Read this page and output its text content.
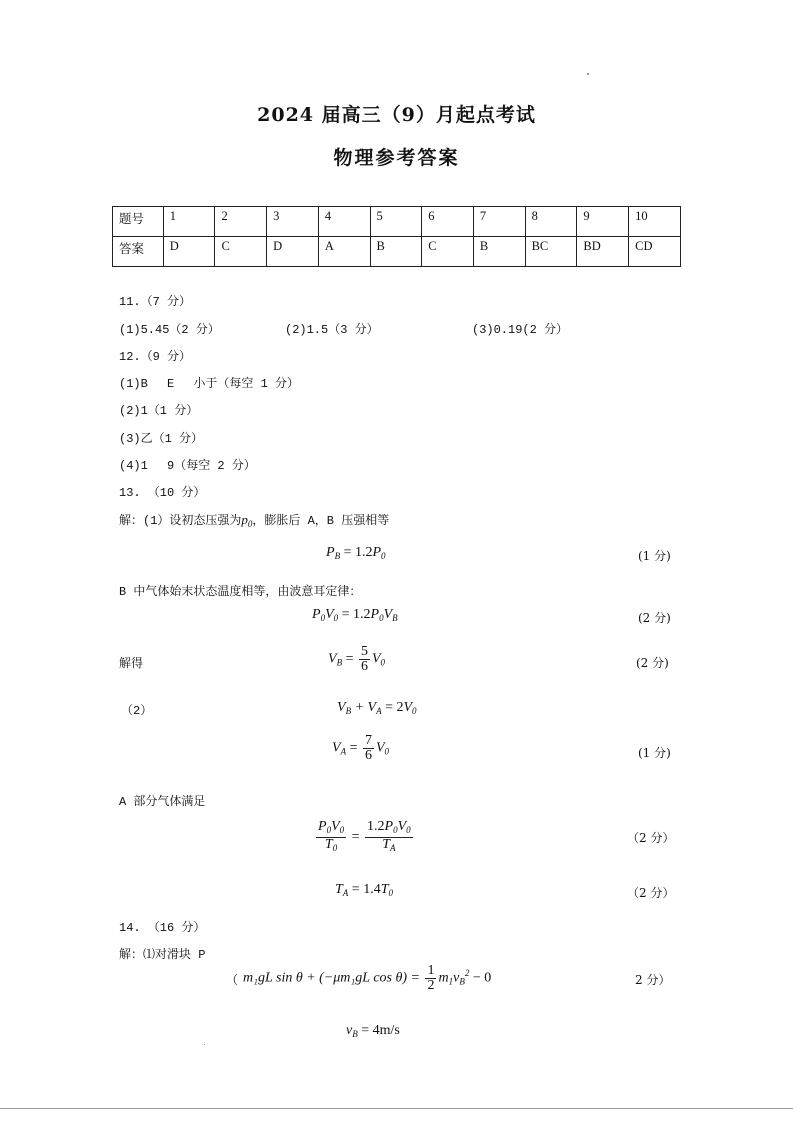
2024 届高三（9）月起点考试
物理参考答案
题号	1	2	3	4	5	6	7	8	9	10
答案	D	C	D	A	B	C	B	BC	BD	CD
11.（7 分）
(1)5.45（2 分）	(2)1.5（3 分）	(3)0.19(2 分）
12.（9 分）
(1)B　 E　 小于（每空 1 分）
(2)1（1 分）
(3)乙（1 分）
(4)1　 9（每空 2 分）
13. （10 分）
解：(1）设初态压强为$p_0$，膨胀后 A，B 压强相等
$P_B = 1.2P_0$	(1 分)
B 中气体始末状态温度相等，由波意耳定律：
$P_0V_0 = 1.2P_0V_B$	(2 分)
解得	$V_B = \frac{5}{6} V_0$	(2 分)
（2）	$V_B + V_A = 2V_0$
$V_A = \frac{7}{6} V_0$	(1 分)
A 部分气体满足
$\frac{P_0V_0}{T_0} = \frac{1.2P_0V_0}{T_A}$	（2 分）
$T_A = 1.4T_0$	（2 分）
14. （16 分）
解：⑴对滑块 P
（ m₁gL sin θ + (−μm₁gL $\cos \theta) = \frac{1}{2} m_1v_B^2 - 0$	2 分）
$v_B = 4m/s$
